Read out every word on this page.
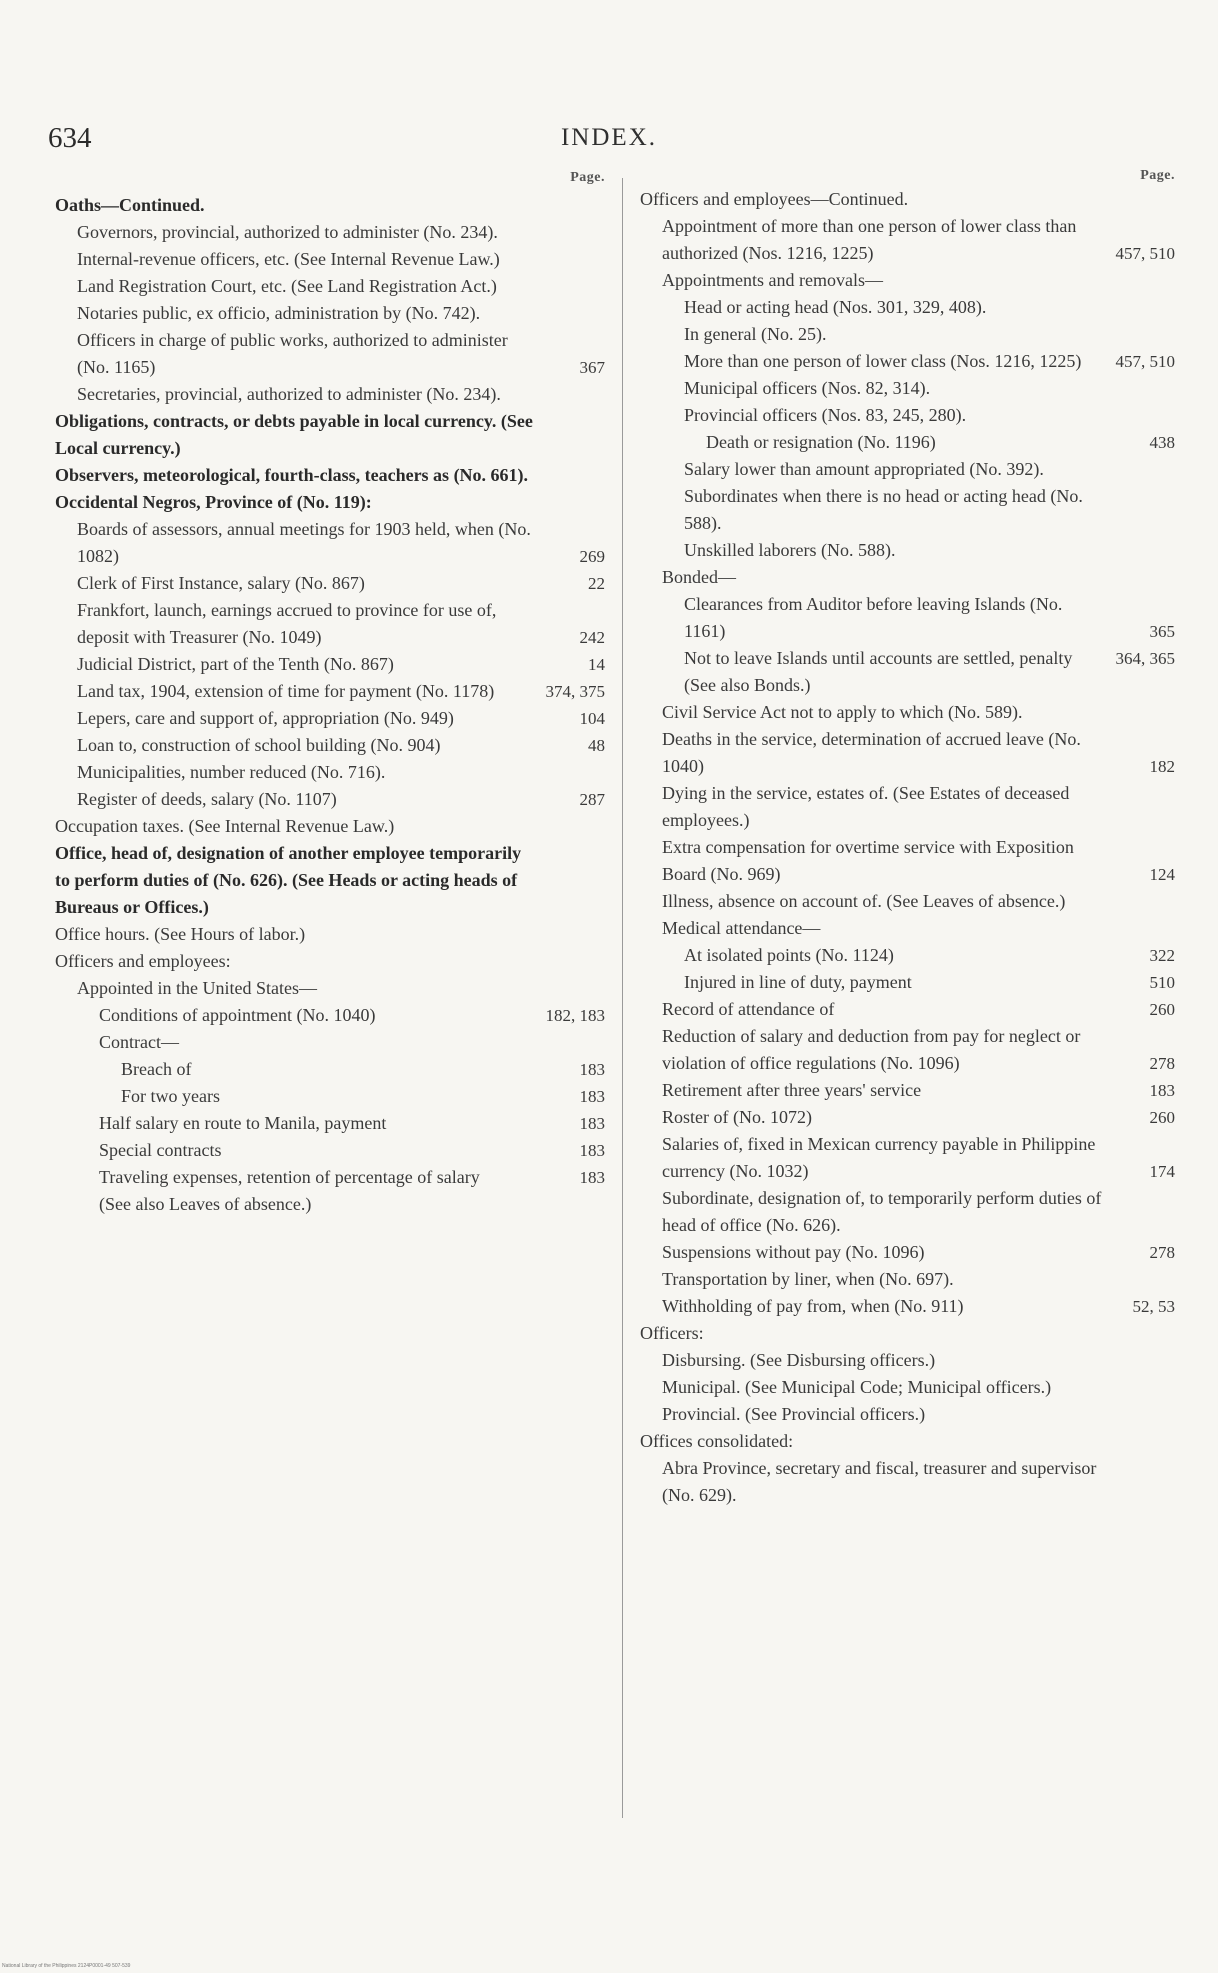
634	INDEX.
Page.
Oaths—Continued.
Governors, provincial, authorized to administer (No. 234).
Internal-revenue officers, etc. (See Internal Revenue Law.)
Land Registration Court, etc. (See Land Registration Act.)
Notaries public, ex officio, administration by (No. 742).
Officers in charge of public works, authorized to administer (No. 1165)	367
Secretaries, provincial, authorized to administer (No. 234).
Obligations, contracts, or debts payable in local currency. (See Local currency.)
Observers, meteorological, fourth-class, teachers as (No. 661).
Occidental Negros, Province of (No. 119):
Boards of assessors, annual meetings for 1903 held, when (No. 1082)	269
Clerk of First Instance, salary (No. 867)	22
Frankfort, launch, earnings accrued to province for use of, deposit with Treasurer (No. 1049)	242
Judicial District, part of the Tenth (No. 867)	14
Land tax, 1904, extension of time for payment (No. 1178)	374, 375
Lepers, care and support of, appropriation (No. 949)	104
Loan to, construction of school building (No. 904)	48
Municipalities, number reduced (No. 716).
Register of deeds, salary (No. 1107)	287
Occupation taxes. (See Internal Revenue Law.)
Office, head of, designation of another employee temporarily to perform duties of (No. 626). (See Heads or acting heads of Bureaus or Offices.)
Office hours. (See Hours of labor.)
Officers and employees:
Appointed in the United States—
Conditions of appointment (No. 1040)	182, 183
Contract—
Breach of	183
For two years	183
Half salary en route to Manila, payment	183
Special contracts	183
Traveling expenses, retention of percentage of salary	183
(See also Leaves of absence.)
Page.
Officers and employees—Continued.
Appointment of more than one person of lower class than authorized (Nos. 1216, 1225)	457, 510
Appointments and removals—
Head or acting head (Nos. 301, 329, 408).
In general (No. 25).
More than one person of lower class (Nos. 1216, 1225)	457, 510
Municipal officers (Nos. 82, 314).
Provincial officers (Nos. 83, 245, 280).
Death or resignation (No. 1196)	438
Salary lower than amount appropriated (No. 392).
Subordinates when there is no head or acting head (No. 588).
Unskilled laborers (No. 588).
Bonded—
Clearances from Auditor before leaving Islands (No. 1161)	365
Not to leave Islands until accounts are settled, penalty	364, 365
(See also Bonds.)
Civil Service Act not to apply to which (No. 589).
Deaths in the service, determination of accrued leave (No. 1040)	182
Dying in the service, estates of. (See Estates of deceased employees.)
Extra compensation for overtime service with Exposition Board (No. 969)	124
Illness, absence on account of. (See Leaves of absence.)
Medical attendance—
At isolated points (No. 1124)	322
Injured in line of duty, payment	510
Record of attendance of	260
Reduction of salary and deduction from pay for neglect or violation of office regulations (No. 1096)	278
Retirement after three years' service	183
Roster of (No. 1072)	260
Salaries of, fixed in Mexican currency payable in Philippine currency (No. 1032)	174
Subordinate, designation of, to temporarily perform duties of head of office (No. 626).
Suspensions without pay (No. 1096)	278
Transportation by liner, when (No. 697).
Withholding of pay from, when (No. 911)	52, 53
Officers:
Disbursing. (See Disbursing officers.)
Municipal. (See Municipal Code; Municipal officers.)
Provincial. (See Provincial officers.)
Offices consolidated:
Abra Province, secretary and fiscal, treasurer and supervisor (No. 629).
National Library of the Philippines 2124P0001-49 507-539
